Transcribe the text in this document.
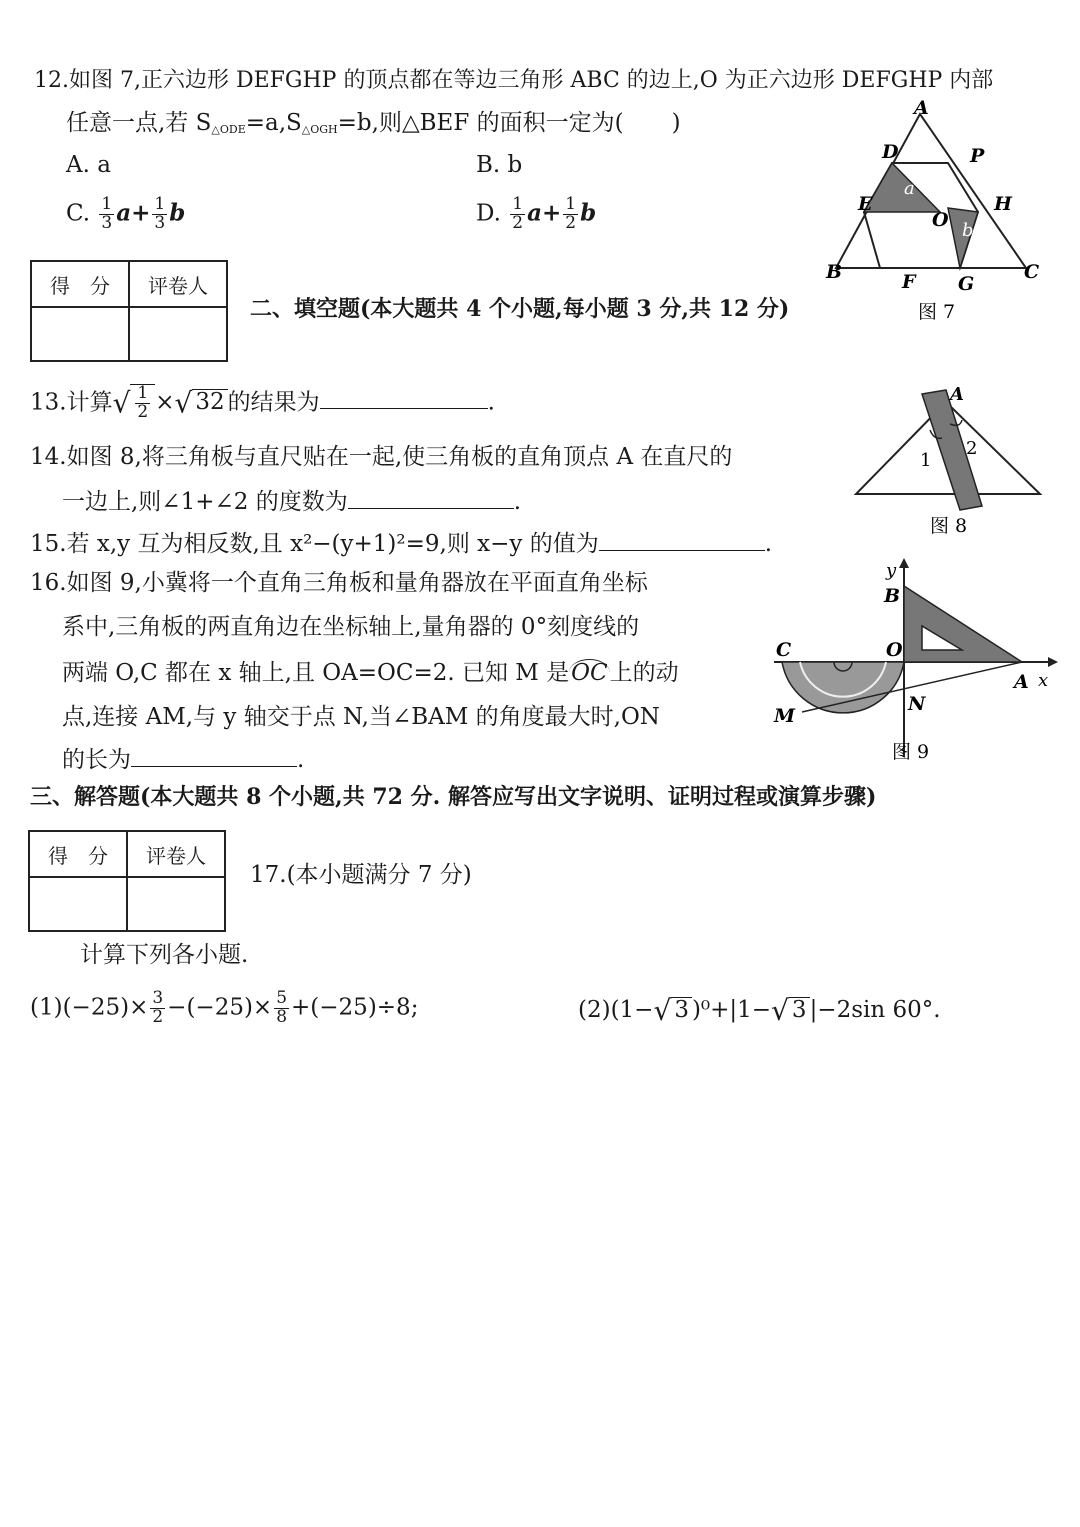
12.如图 7,正六边形 DEFGHP 的顶点都在等边三角形 ABC 的边上,O 为正六边形 DEFGHP 内部
任意一点,若 $S_{\triangle ODE}=a,S_{\triangle OGH}=b$,则△BEF 的面积一定为( )
A. a	B. b
C. $\frac{1}{3} a+ \frac{1}{3}$ b	D. $\frac{1}{2} a+ \frac{1}{2}$ b
A
D	P
E	H
O
B	F G
C
a
b
图 7
得　分	评卷人

二、填空题(本大题共 4 个小题,每小题 3 分,共 12 分)
13.计算√ $\frac{1}{2}$ ×√ 32 的结果为	.
14.如图 8,将三角板与直尺贴在一起,使三角板的直角顶点 A 在直尺的
一边上,则∠1+∠2 的度数为	.
A
1
2
图 8
15.若 x,y 互为相反数,且 x²−(y+1)²=9,则 x−y 的值为	.
16.如图 9,小冀将一个直角三角板和量角器放在平面直角坐标
系中,三角板的两直角边在坐标轴上,量角器的 0°刻度线的
两端 O,C 都在 x 轴上,且 OA=OC=2. 已知 M 是OC上的动
点,连接 AM,与 y 轴交于点 N,当∠BAM 的角度最大时,ON
的长为	.
y
B
C	O
A x
M
N
图 9
三、解答题(本大题共 8 个小题,共 72 分. 解答应写出文字说明、证明过程或演算步骤)
得　分	评卷人

17.(本小题满分 7 分)
计算下列各小题.
$(1)(-25)\times \frac{3}{2} -(-25)\times \frac{5}{8} +(-25)\div 8$;	(2)(1−√ 3 )⁰+|1−√ 3 |−2sin 60°.
